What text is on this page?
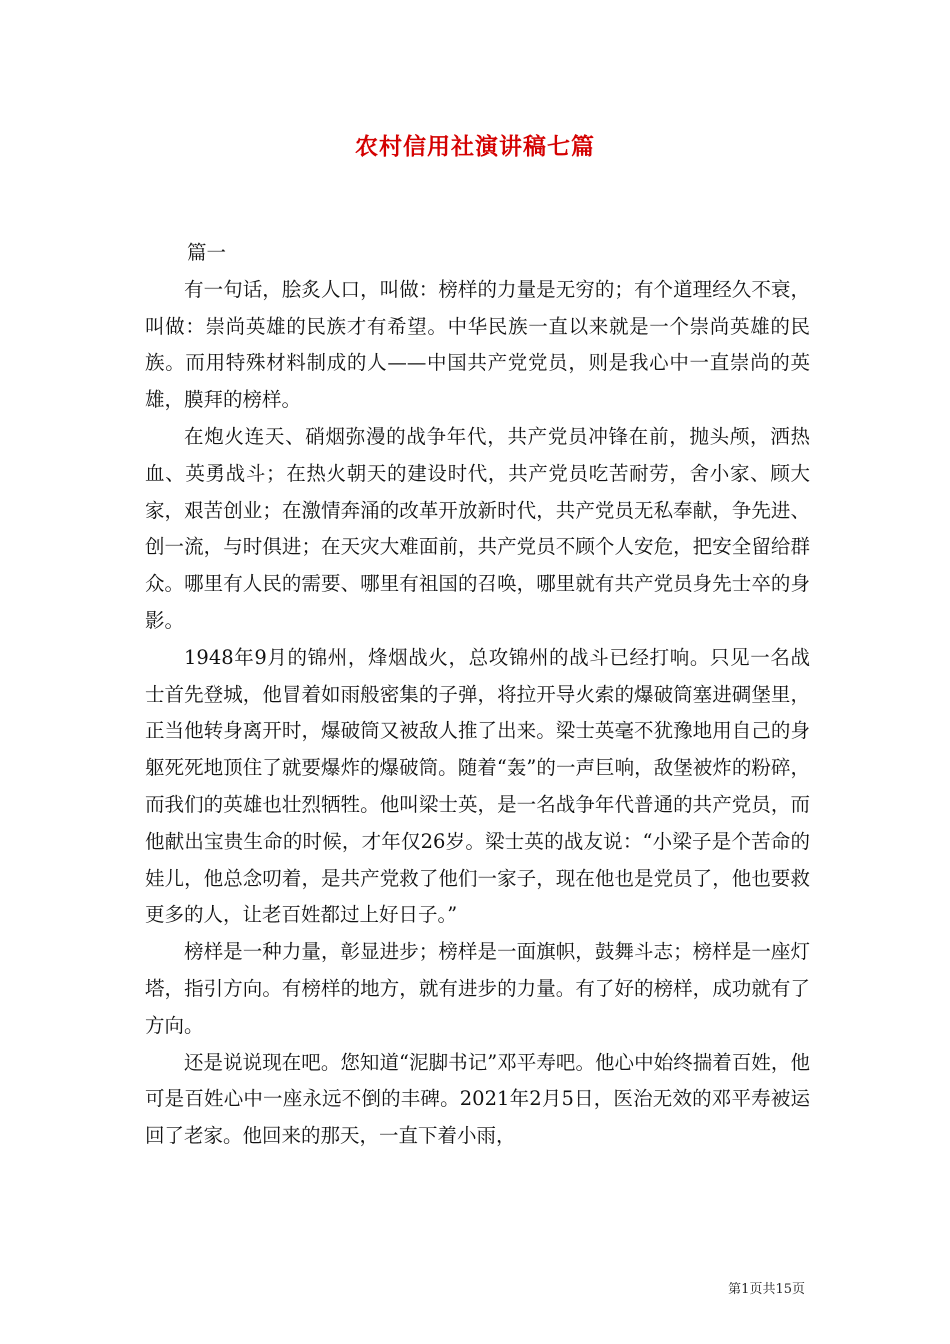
农村信用社演讲稿七篇

篇一

有一句话，脍炙人口，叫做：榜样的力量是无穷的；有个道理经久不衰，叫做：崇尚英雄的民族才有希望。中华民族一直以来就是一个崇尚英雄的民族。而用特殊材料制成的人——中国共产党党员，则是我心中一直崇尚的英雄，膜拜的榜样。

在炮火连天、硝烟弥漫的战争年代，共产党员冲锋在前，抛头颅，洒热血、英勇战斗；在热火朝天的建设时代，共产党员吃苦耐劳，舍小家、顾大家，艰苦创业；在激情奔涌的改革开放新时代，共产党员无私奉献，争先进、创一流，与时俱进；在天灾大难面前，共产党员不顾个人安危，把安全留给群众。哪里有人民的需要、哪里有祖国的召唤，哪里就有共产党员身先士卒的身影。

1948年9月的锦州，烽烟战火，总攻锦州的战斗已经打响。只见一名战士首先登城，他冒着如雨般密集的子弹，将拉开导火索的爆破筒塞进碉堡里，正当他转身离开时，爆破筒又被敌人推了出来。梁士英毫不犹豫地用自己的身躯死死地顶住了就要爆炸的爆破筒。随着“轰”的一声巨响，敌堡被炸的粉碎，而我们的英雄也壮烈牺牲。他叫梁士英，是一名战争年代普通的共产党员，而他献出宝贵生命的时候，才年仅26岁。梁士英的战友说：“小梁子是个苦命的娃儿，他总念叨着，是共产党救了他们一家子，现在他也是党员了，他也要救更多的人，让老百姓都过上好日子。”

榜样是一种力量，彰显进步；榜样是一面旗帜，鼓舞斗志；榜样是一座灯塔，指引方向。有榜样的地方，就有进步的力量。有了好的榜样，成功就有了方向。

还是说说现在吧。您知道“泥脚书记”邓平寿吧。他心中始终揣着百姓，他可是百姓心中一座永远不倒的丰碑。2021年2月5日，医治无效的邓平寿被运回了老家。他回来的那天，一直下着小雨，

第1页共15页
